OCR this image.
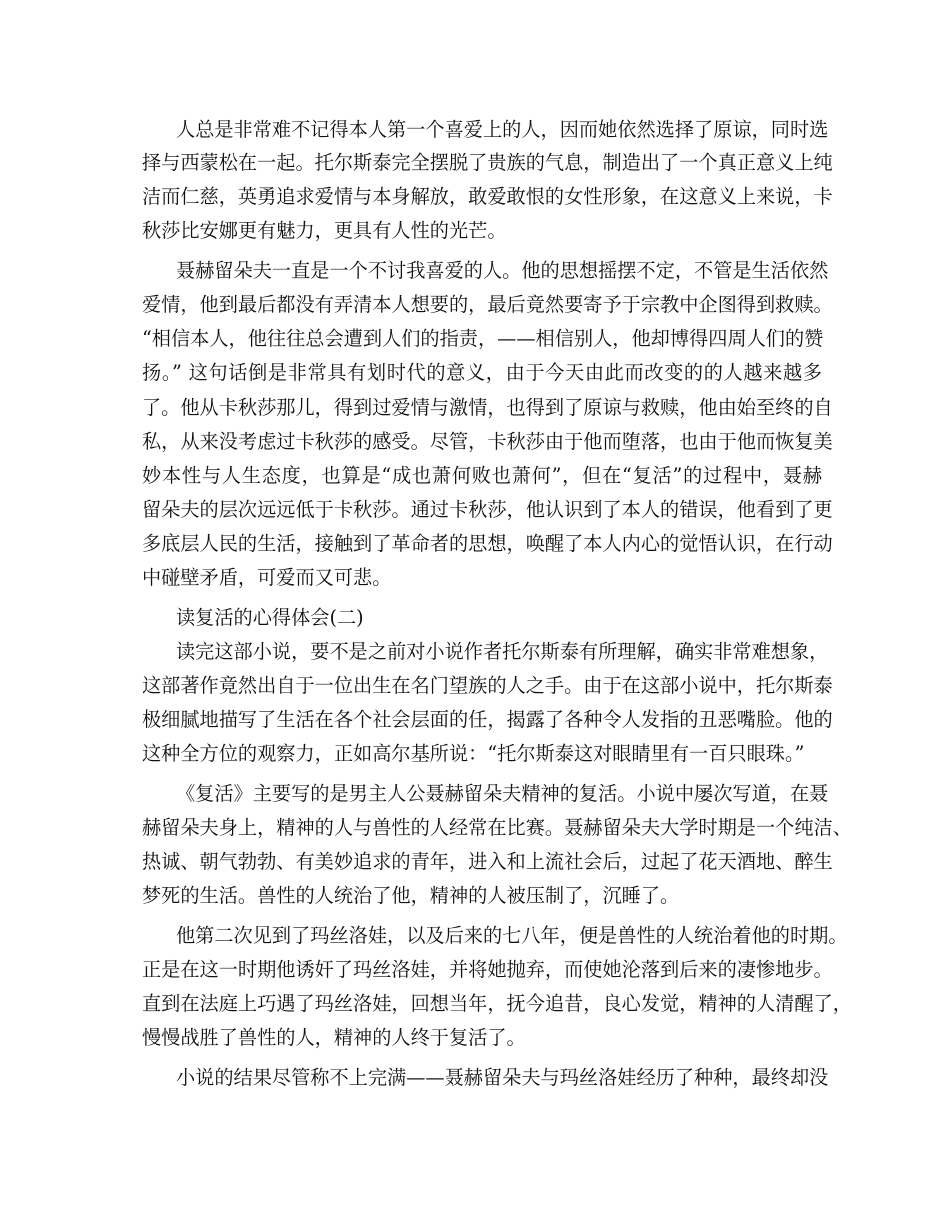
人总是非常难不记得本人第一个喜爱上的人，因而她依然选择了原谅，同时选
择与西蒙松在一起。托尔斯泰完全摆脱了贵族的气息，制造出了一个真正意义上纯
洁而仁慈，英勇追求爱情与本身解放，敢爱敢恨的女性形象，在这意义上来说，卡
秋莎比安娜更有魅力，更具有人性的光芒。
聂赫留朵夫一直是一个不讨我喜爱的人。他的思想摇摆不定，不管是生活依然
爱情，他到最后都没有弄清本人想要的，最后竟然要寄予于宗教中企图得到救赎。
“相信本人，他往往总会遭到人们的指责，——相信别人，他却博得四周人们的赞
扬。” 这句话倒是非常具有划时代的意义，由于今天由此而改变的的人越来越多
了。他从卡秋莎那儿，得到过爱情与激情，也得到了原谅与救赎，他由始至终的自
私，从来没考虑过卡秋莎的感受。尽管，卡秋莎由于他而堕落，也由于他而恢复美
妙本性与人生态度，也算是“成也萧何败也萧何”，但在“复活”的过程中，聂赫
留朵夫的层次远远低于卡秋莎。通过卡秋莎，他认识到了本人的错误，他看到了更
多底层人民的生活，接触到了革命者的思想，唤醒了本人内心的觉悟认识，在行动
中碰壁矛盾，可爱而又可悲。
读复活的心得体会(二)
读完这部小说，要不是之前对小说作者托尔斯泰有所理解，确实非常难想象，
这部著作竟然出自于一位出生在名门望族的人之手。由于在这部小说中，托尔斯泰
极细腻地描写了生活在各个社会层面的任，揭露了各种令人发指的丑恶嘴脸。他的
这种全方位的观察力，正如高尔基所说：“托尔斯泰这对眼睛里有一百只眼珠。”
《复活》主要写的是男主人公聂赫留朵夫精神的复活。小说中屡次写道，在聂
赫留朵夫身上，精神的人与兽性的人经常在比赛。聂赫留朵夫大学时期是一个纯洁、
热诚、朝气勃勃、有美妙追求的青年，进入和上流社会后，过起了花天酒地、醉生
梦死的生活。兽性的人统治了他，精神的人被压制了，沉睡了。
他第二次见到了玛丝洛娃，以及后来的七八年，便是兽性的人统治着他的时期。
正是在这一时期他诱奸了玛丝洛娃，并将她抛弃，而使她沦落到后来的凄惨地步。
直到在法庭上巧遇了玛丝洛娃，回想当年，抚今追昔，良心发觉，精神的人清醒了，
慢慢战胜了兽性的人，精神的人终于复活了。
小说的结果尽管称不上完满——聂赫留朵夫与玛丝洛娃经历了种种，最终却没
